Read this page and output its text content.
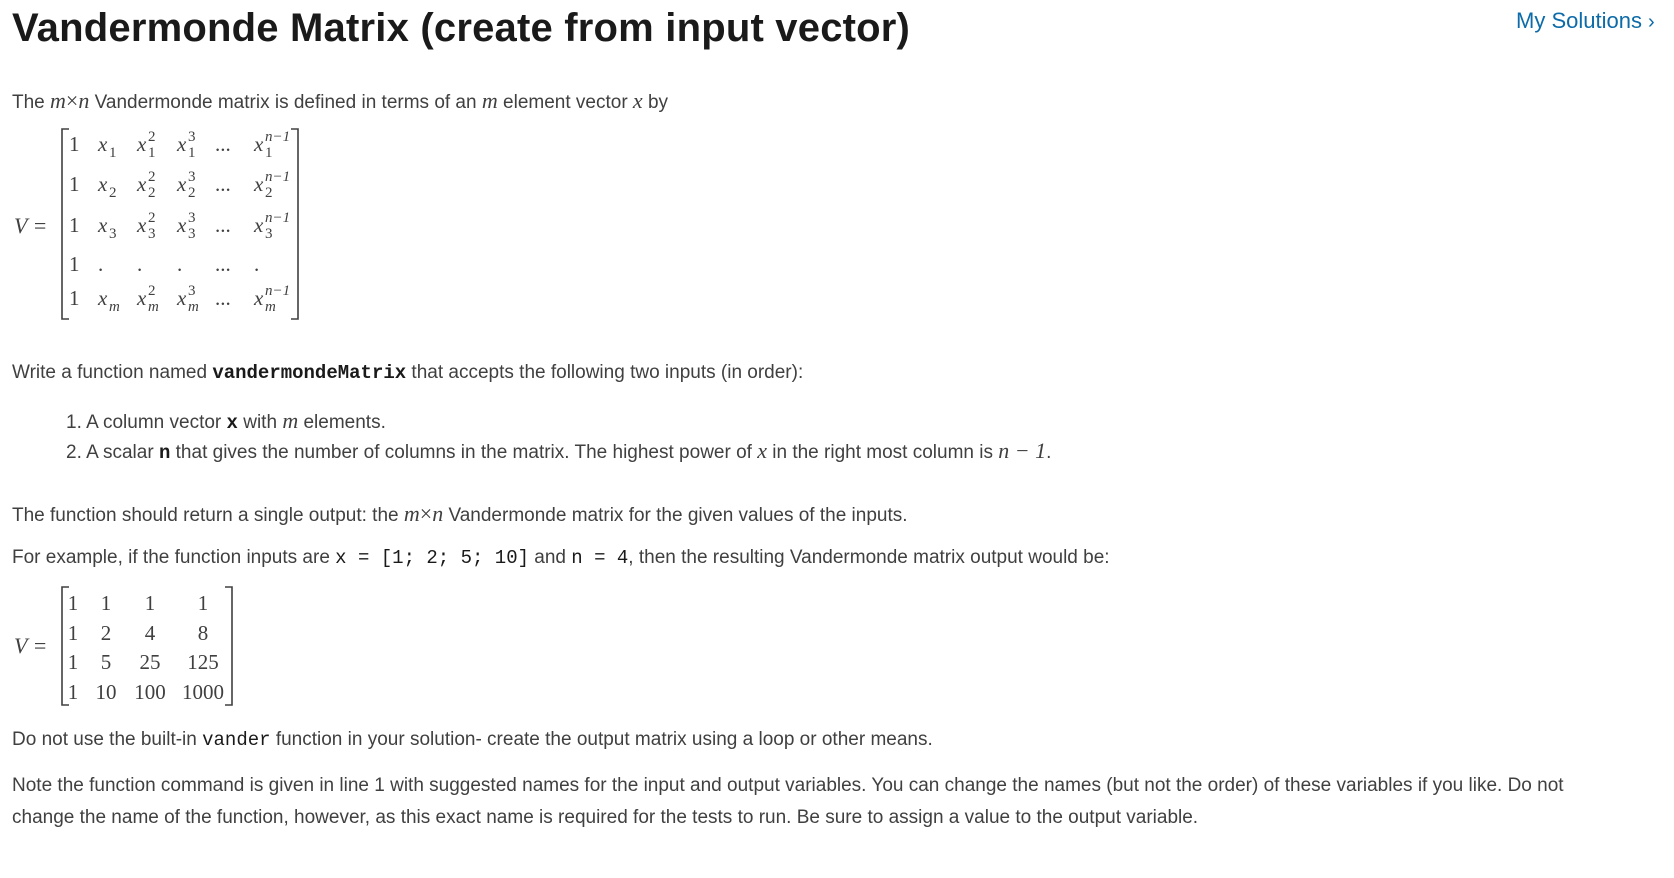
Vandermonde Matrix (create from input vector)	My Solutions ›

The m×n Vandermonde matrix is defined in terms of an m element vector x by

V =
1 x 1 x 2
1 x 3
1 ... x n−1
1
1 x 2 x 2
2 x 3
2 ... x n−1
2
1 x 3 x 2
3 x 3
3 ... x n−1
3
1 . . . ... .
1 x m x 2
m x 3
m ... x n−1
m

Write a function named vandermondeMatrix that accepts the following two inputs (in order):

1. A column vector x with m elements.

2. A scalar n that gives the number of columns in the matrix. The highest power of x in the right most column is n − 1.

The function should return a single output: the m×n Vandermonde matrix for the given values of the inputs.

For example, if the function inputs are x = [1; 2; 5; 10] and n = 4, then the resulting Vandermonde matrix output would be:

V =
1 1 1 1
1 2 4 8
1 5 25 125
1 10 100 1000

Do not use the built-in vander function in your solution- create the output matrix using a loop or other means.

Note the function command is given in line 1 with suggested names for the input and output variables. You can change the names (but not the order) of these variables if you like. Do not change the name of the function, however, as this exact name is required for the tests to run. Be sure to assign a value to the output variable.
